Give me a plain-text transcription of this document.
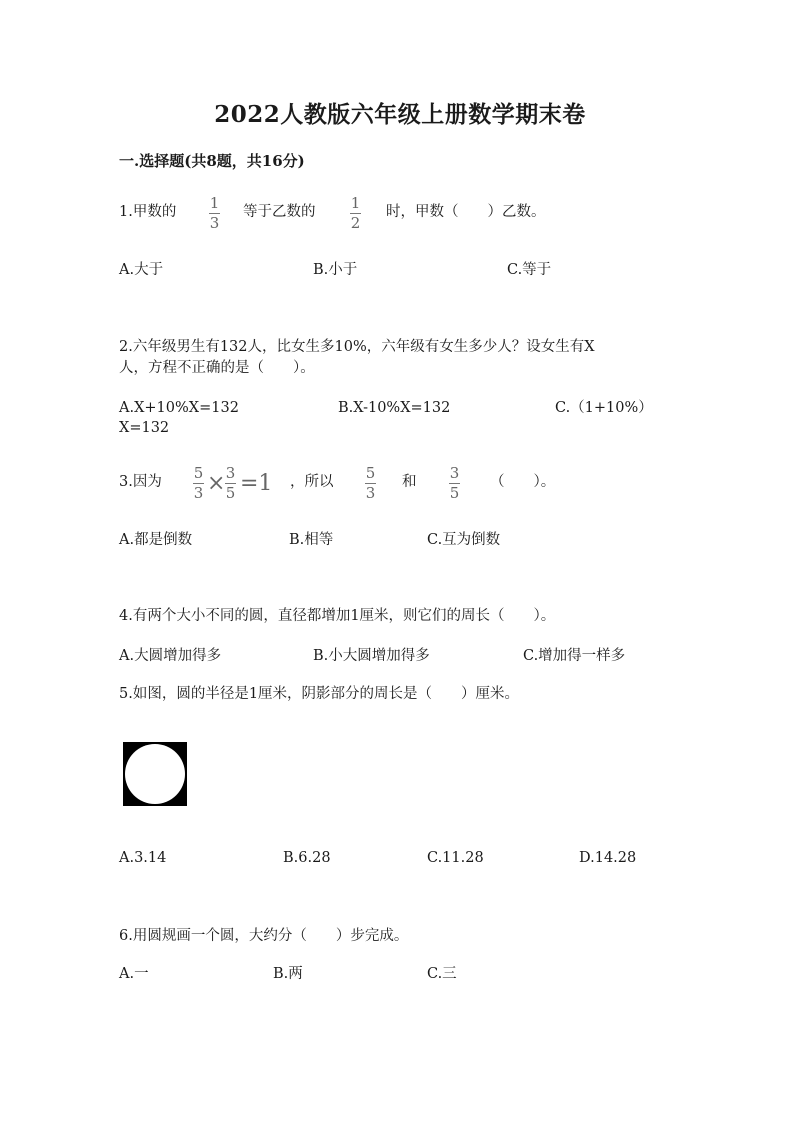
2022人教版六年级上册数学期末卷
一.选择题(共8题，共16分)
1.甲数的 1
3
等于乙数的 1
2
时，甲数（　　）乙数。
A.大于	B.小于	C.等于
2.六年级男生有132人，比女生多10%，六年级有女生多少人？设女生有X
人，方程不正确的是（　　）。
A.X+10%X=132	B.X-10%X=132	C.（1+10%）
X=132
3.因为 5
3 × 3
5 =1 ，所以 5
3
和 3
5
（　　）。
A.都是倒数	B.相等	C.互为倒数
4.有两个大小不同的圆，直径都增加1厘米，则它们的周长（　　）。
A.大圆增加得多	B.小大圆增加得多	C.增加得一样多
5.如图，圆的半径是1厘米，阴影部分的周长是（　　）厘米。
A.3.14	B.6.28	C.11.28	D.14.28
6.用圆规画一个圆，大约分（　　）步完成。
A.一	B.两	C.三
